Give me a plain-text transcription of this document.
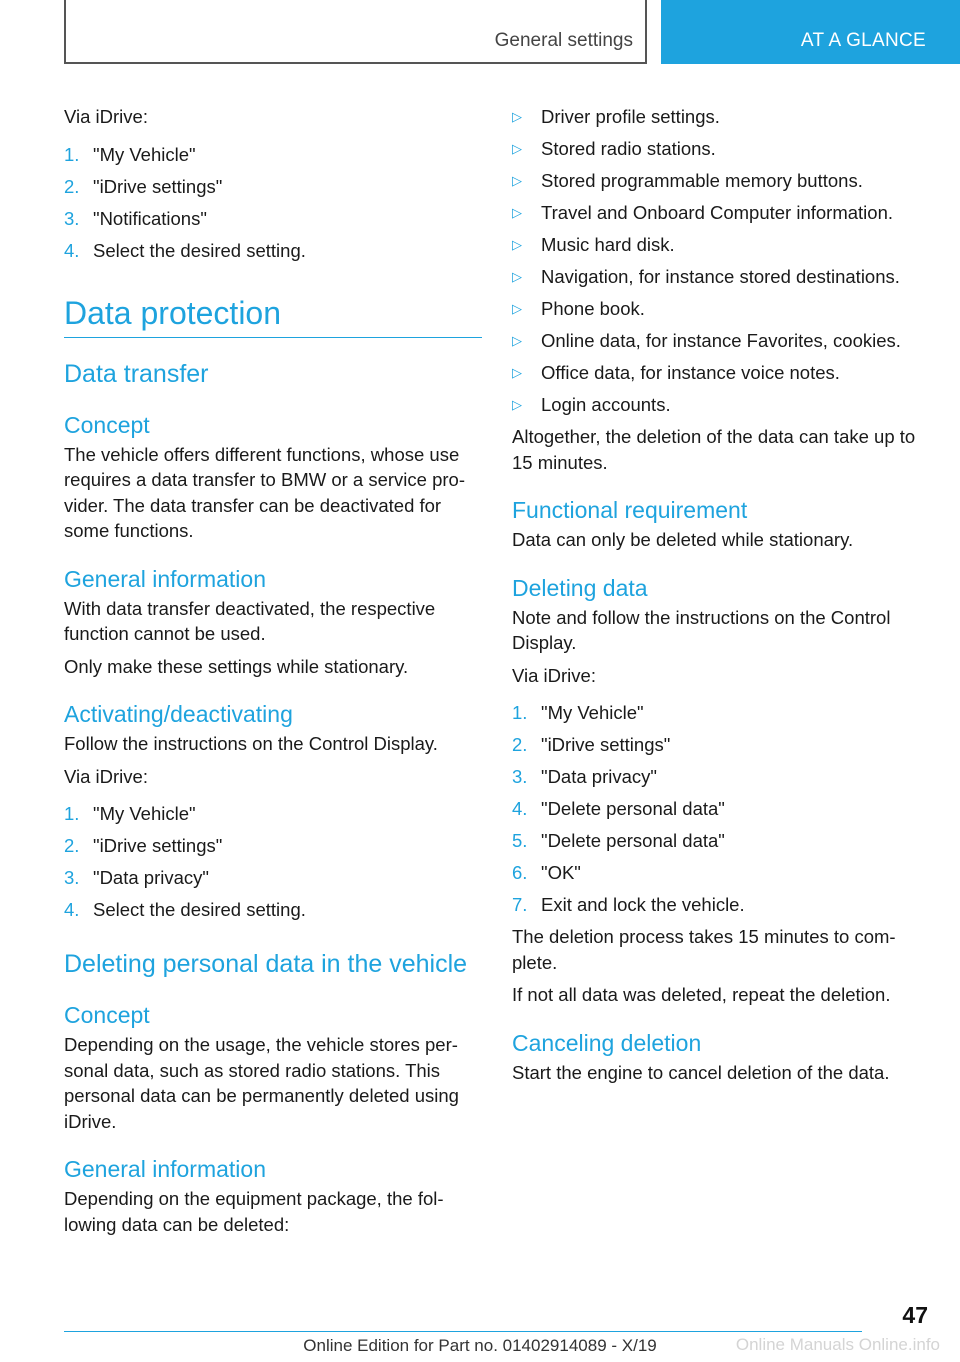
General settings	AT A GLANCE

Via iDrive:

1. "My Vehicle"
2. "iDrive settings"
3. "Notifications"
4. Select the desired setting.
Data protection
Data transfer
Concept

The vehicle offers different functions, whose use requires a data transfer to BMW or a service pro‐vider. The data transfer can be deactivated for some functions.

General information

With data transfer deactivated, the respective function cannot be used.

Only make these settings while stationary.

Activating/deactivating

Follow the instructions on the Control Display.

Via iDrive:

1. "My Vehicle"
2. "iDrive settings"
3. "Data privacy"
4. Select the desired setting.
Deleting personal data in the vehicle
Concept

Depending on the usage, the vehicle stores per‐sonal data, such as stored radio stations. This personal data can be permanently deleted using iDrive.

General information

Depending on the equipment package, the fol‐lowing data can be deleted:

▷	Driver profile settings.
▷	Stored radio stations.
▷	Stored programmable memory buttons.
▷	Travel and Onboard Computer information.
▷	Music hard disk.
▷	Navigation, for instance stored destinations.
▷	Phone book.
▷	Online data, for instance Favorites, cookies.
▷	Office data, for instance voice notes.
▷	Login accounts.

Altogether, the deletion of the data can take up to 15 minutes.

Functional requirement

Data can only be deleted while stationary.

Deleting data

Note and follow the instructions on the Control Display.

Via iDrive:

1. "My Vehicle"
2. "iDrive settings"
3. "Data privacy"
4. "Delete personal data"
5. "Delete personal data"
6. "OK"
7. Exit and lock the vehicle.

The deletion process takes 15 minutes to com‐plete.

If not all data was deleted, repeat the deletion.

Canceling deletion

Start the engine to cancel deletion of the data.

47
Online Edition for Part no. 01402914089 - X/19	Online Manuals Online.info
